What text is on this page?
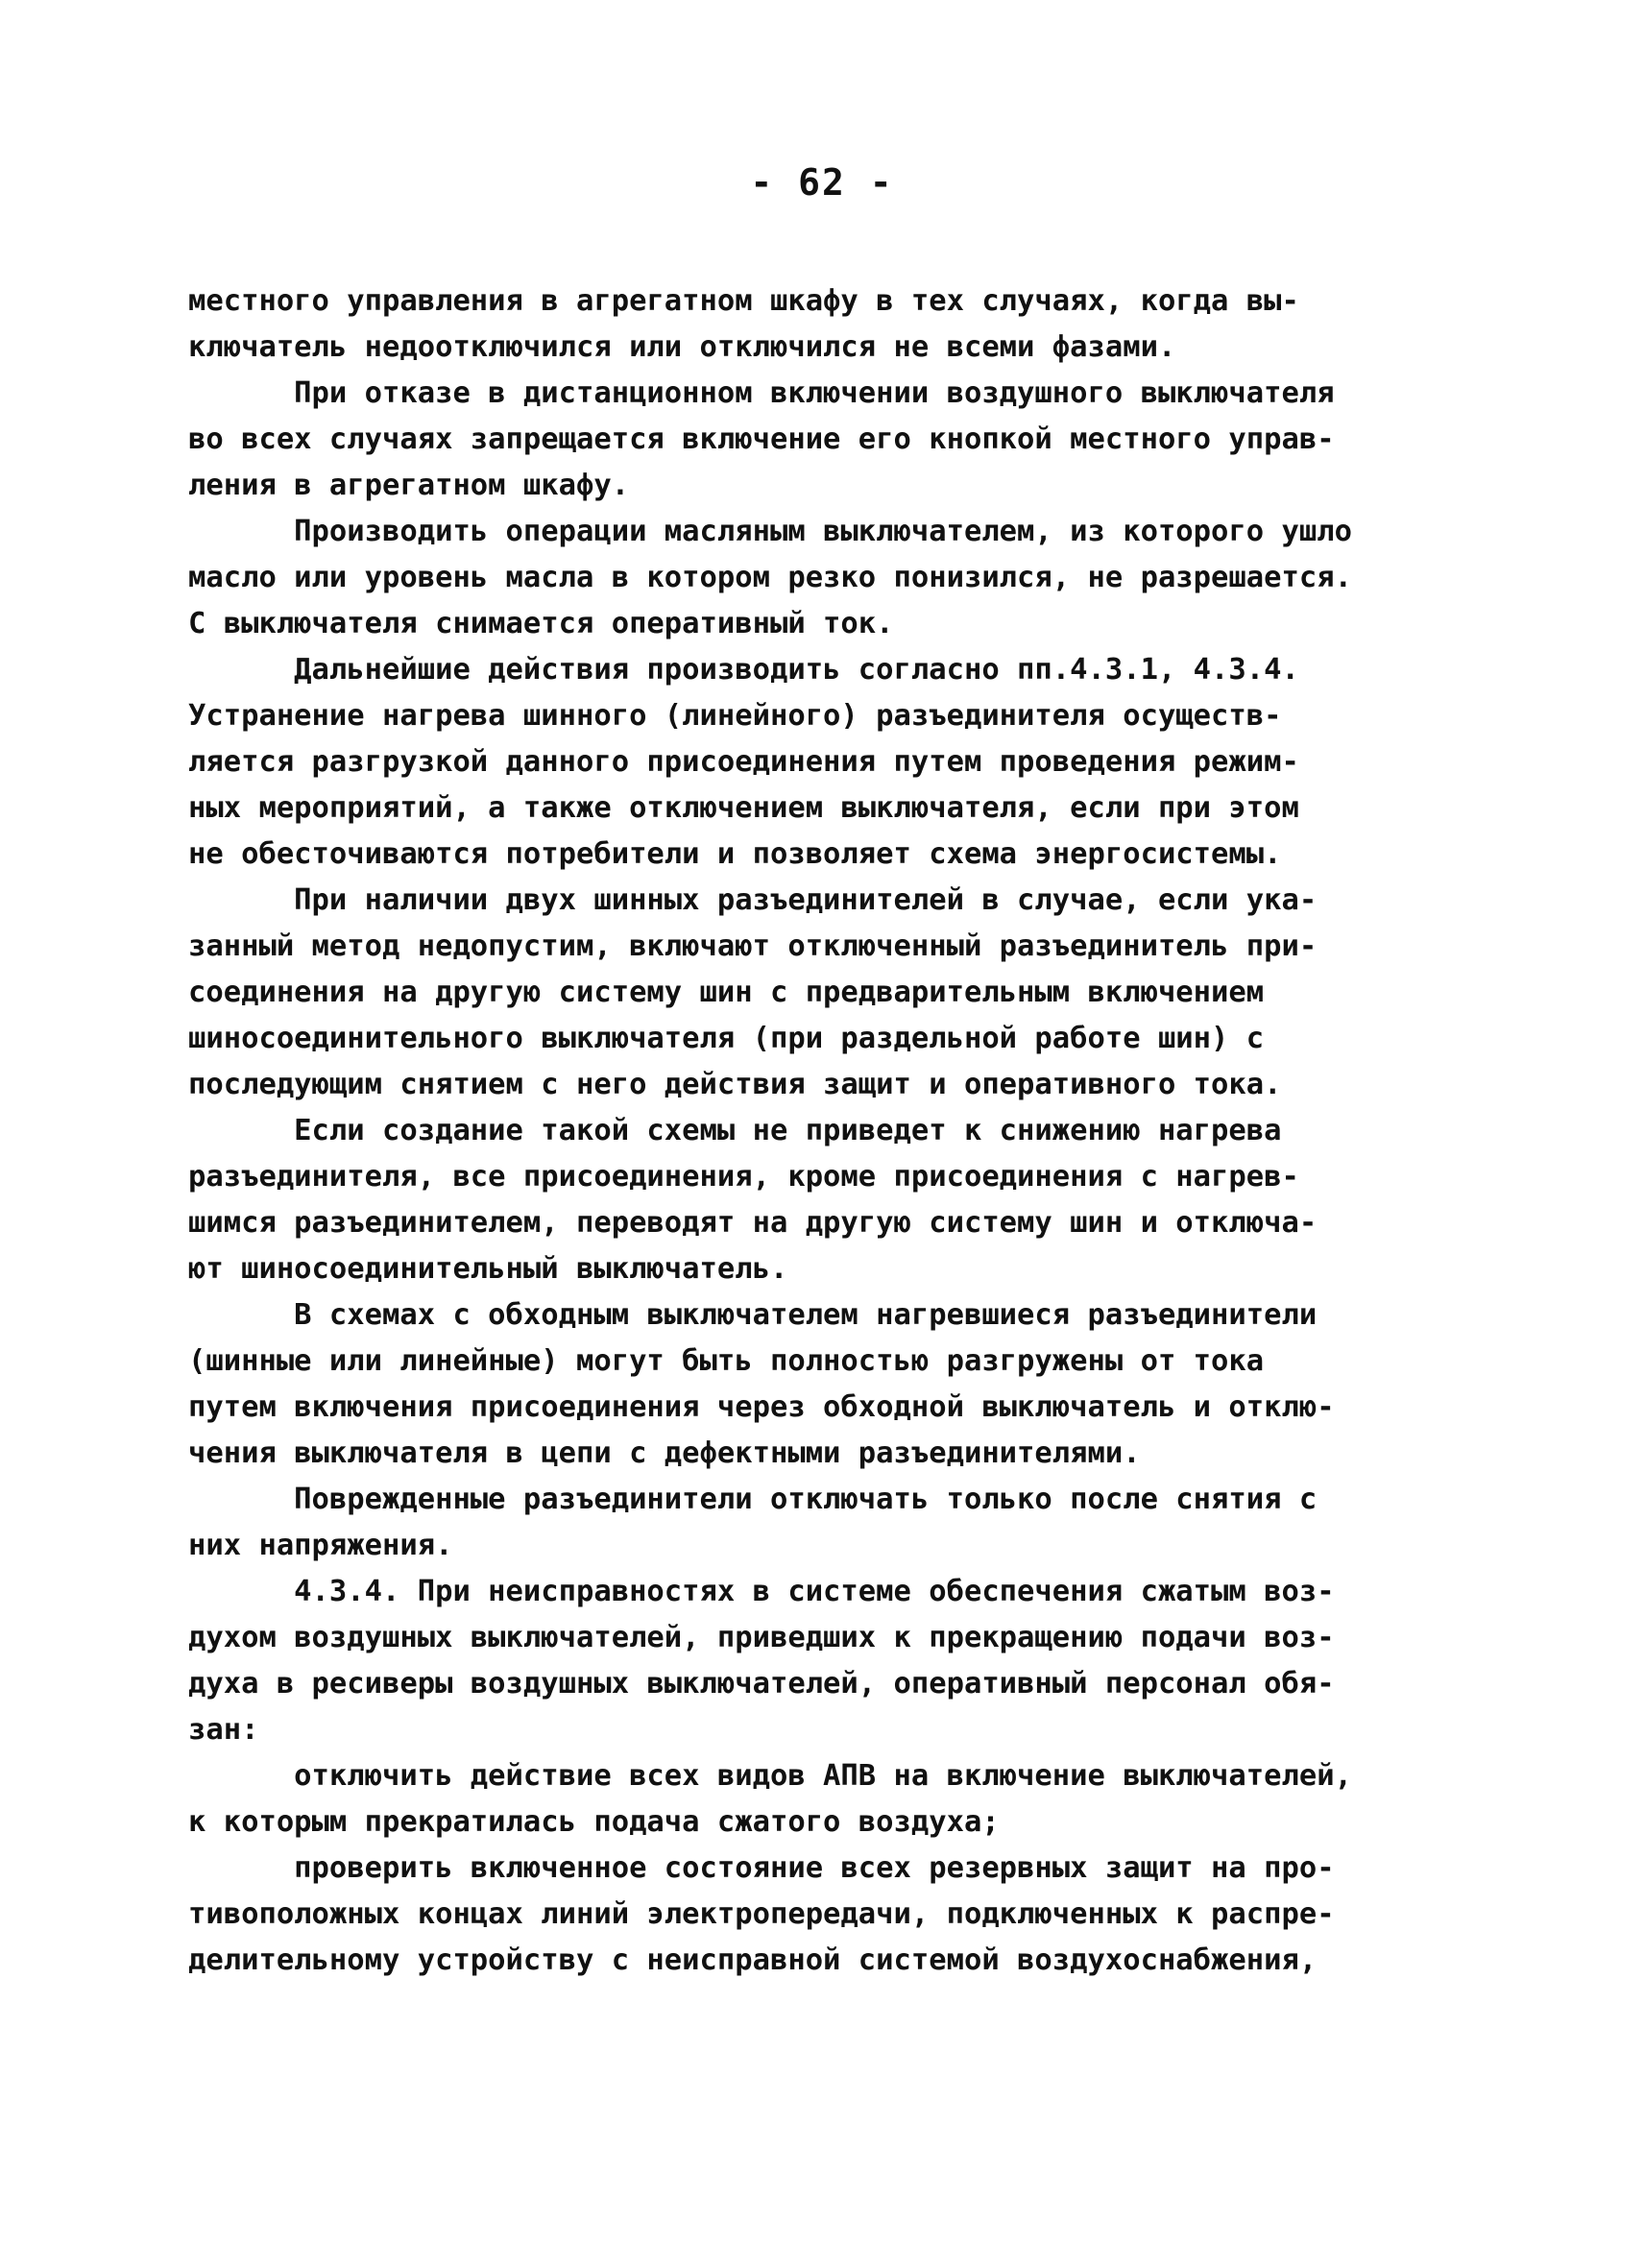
- 62 -
местного управления в агрегатном шкафу в тех случаях, когда вы-
ключатель недоотключился или отключился не всеми фазами.
При отказе в дистанционном включении воздушного выключателя
во всех случаях запрещается включение его кнопкой местного управ-
ления в агрегатном шкафу.
Производить операции масляным выключателем, из которого ушло
масло или уровень масла в котором резко понизился, не разрешается.
С выключателя снимается оперативный ток.
Дальнейшие действия производить согласно пп.4.3.1, 4.3.4.
Устранение нагрева шинного (линейного) разъединителя осуществ-
ляется разгрузкой данного присоединения путем проведения режим-
ных мероприятий, а также отключением выключателя, если при этом
не обесточиваются потребители и позволяет схема энергосистемы.
При наличии двух шинных разъединителей в случае, если ука-
занный метод недопустим, включают отключенный разъединитель при-
соединения на другую систему шин с предварительным включением
шиносоединительного выключателя (при раздельной работе шин) с
последующим снятием с него действия защит и оперативного тока.
Если создание такой схемы не приведет к снижению нагрева
разъединителя, все присоединения, кроме присоединения с нагрев-
шимся разъединителем, переводят на другую систему шин и отключа-
ют шиносоединительный выключатель.
В схемах с обходным выключателем нагревшиеся разъединители
(шинные или линейные) могут быть полностью разгружены от тока
путем включения присоединения через обходной выключатель и отклю-
чения выключателя в цепи с дефектными разъединителями.
Поврежденные разъединители отключать только после снятия с
них напряжения.
4.3.4. При неисправностях в системе обеспечения сжатым воз-
духом воздушных выключателей, приведших к прекращению подачи воз-
духа в ресиверы воздушных выключателей, оперативный персонал обя-
зан:
отключить действие всех видов АПВ на включение выключателей,
к которым прекратилась подача сжатого воздуха;
проверить включенное состояние всех резервных защит на про-
тивоположных концах линий электропередачи, подключенных к распре-
делительному устройству с неисправной системой воздухоснабжения,
